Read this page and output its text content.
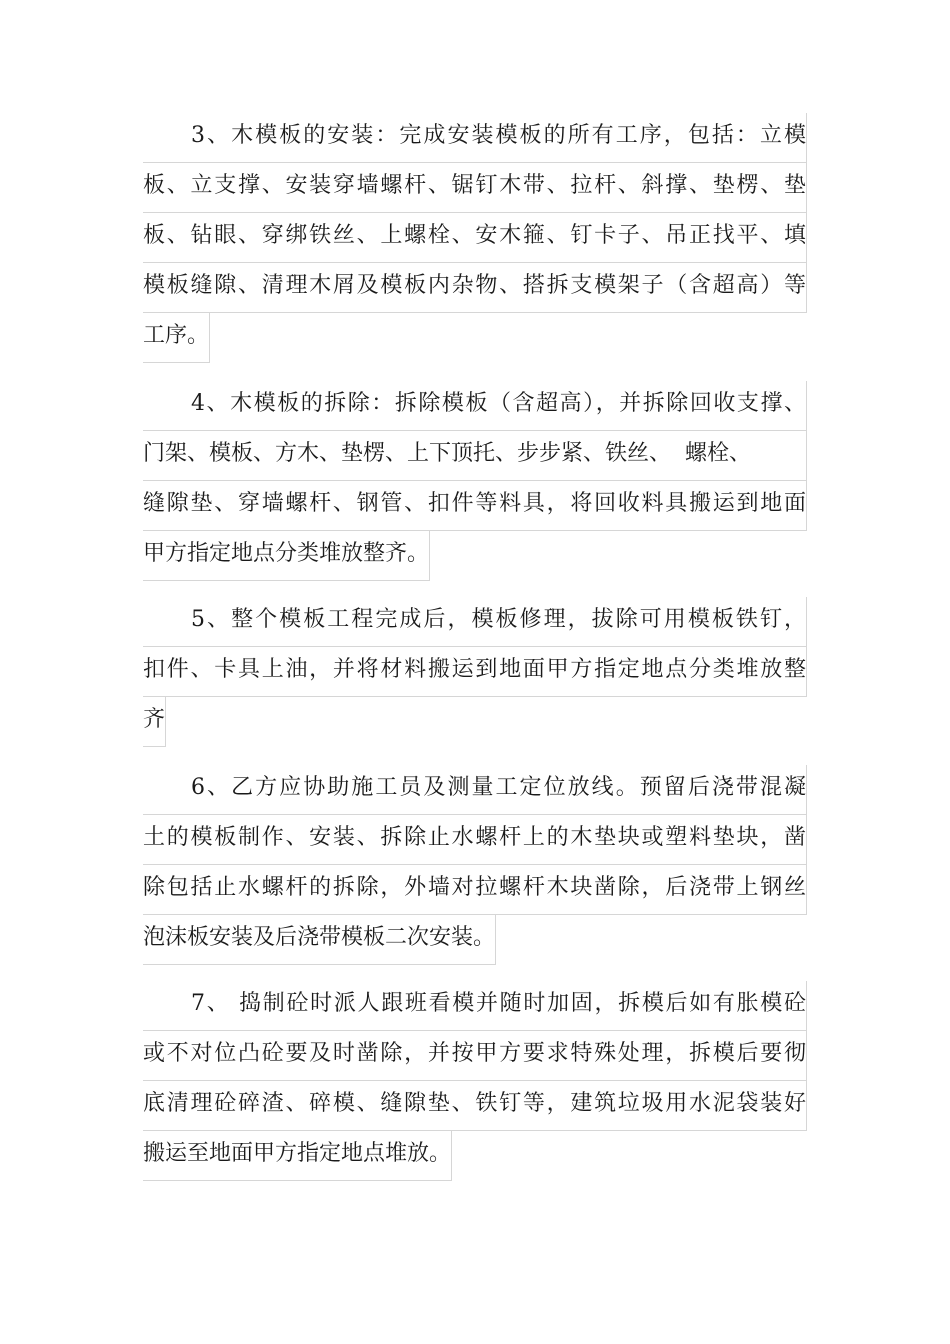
3、木模板的安装：完成安装模板的所有工序，包括：立模
板、立支撑、安装穿墙螺杆、锯钉木带、拉杆、斜撑、垫楞、垫
板、钻眼、穿绑铁丝、上螺栓、安木箍、钉卡子、吊正找平、填
模板缝隙、清理木屑及模板内杂物、搭拆支模架子（含超高）等
工序。
4、木模板的拆除：拆除模板（含超高），并拆除回收支撑、
门架、模板、方木、垫楞、上下顶托、步步紧、铁丝、  螺栓、
缝隙垫、穿墙螺杆、钢管、扣件等料具，将回收料具搬运到地面
甲方指定地点分类堆放整齐。
5、整个模板工程完成后，模板修理，拔除可用模板铁钉，
扣件、卡具上油，并将材料搬运到地面甲方指定地点分类堆放整
齐
6、乙方应协助施工员及测量工定位放线。预留后浇带混凝
土的模板制作、安装、拆除止水螺杆上的木垫块或塑料垫块，凿
除包括止水螺杆的拆除，外墙对拉螺杆木块凿除，后浇带上钢丝
泡沫板安装及后浇带模板二次安装。
7、 捣制砼时派人跟班看模并随时加固，拆模后如有胀模砼
或不对位凸砼要及时凿除，并按甲方要求特殊处理，拆模后要彻
底清理砼碎渣、碎模、缝隙垫、铁钉等，建筑垃圾用水泥袋装好
搬运至地面甲方指定地点堆放。
